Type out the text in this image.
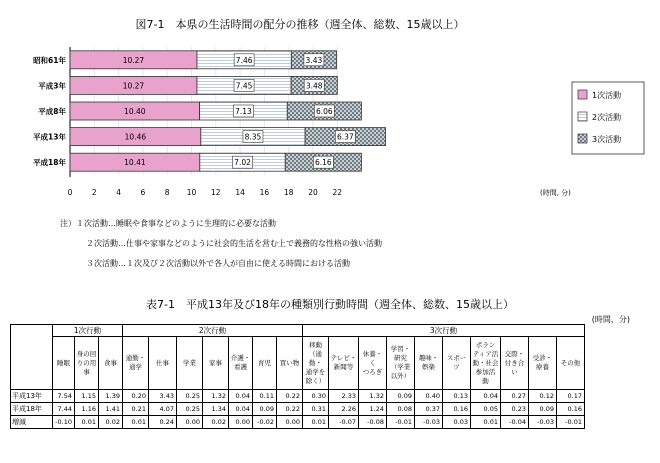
図7-1　本県の生活時間の配分の推移（週全体、総数、15歳以上）
0	2	4	6	8 10 12 14 16 18 20 22	(時間, 分)
昭和61年	10.27	7.46	3.43
平成3年	10.27	7.45	3.48
平成8年	10.40	7.13	6.06
平成13年	10.46	8.35	6.37
平成18年	10.41	7.02	6.16
1次活動
2次活動
3次活動
注）１次活動…睡眠や食事などのように生理的に必要な活動
２次活動…仕事や家事などのように社会的生活を営む上で義務的な性格の強い活動
３次活動…１次及び２次活動以外で各人が自由に使える時間における活動
表7-1　平成13年及び18年の種類別行動時間（週全体、総数、15歳以上）
(時間，分)
	1次行動			2次行動							3次行動									
	睡眠	身の回
りの用
事	食事	通勤・
通学	仕事	学業	家事	介護・
看護	育児	買い物	移動
（通勤・
通学を
除く）	テレビ・
新聞等	休養・く
つろぎ	学習・
研究
（学業
以外）	趣味・
娯楽	スポー
ツ	ボラン
ティア活
動・社会
参加活
動	交際・
付き合
い	受診・
療養	その他
平成13年	7.54	1.15	1.39	0.20	3.43	0.25	1.32	0.04	0.11	0.22	0.30	2.33	1.32	0.09	0.40	0.13	0.04	0.27	0.12	0.17
平成18年	7.44	1.16	1.41	0.21	4.07	0.25	1.34	0.04	0.09	0.22	0.31	2.26	1.24	0.08	0.37	0.16	0.05	0.23	0.09	0.16
増減	-0.10	0.01	0.02	0.01	0.24	0.00	0.02	0.00	-0.02	0.00	0.01	-0.07	-0.08	-0.01	-0.03	0.03	0.01	-0.04	-0.03	-0.01
